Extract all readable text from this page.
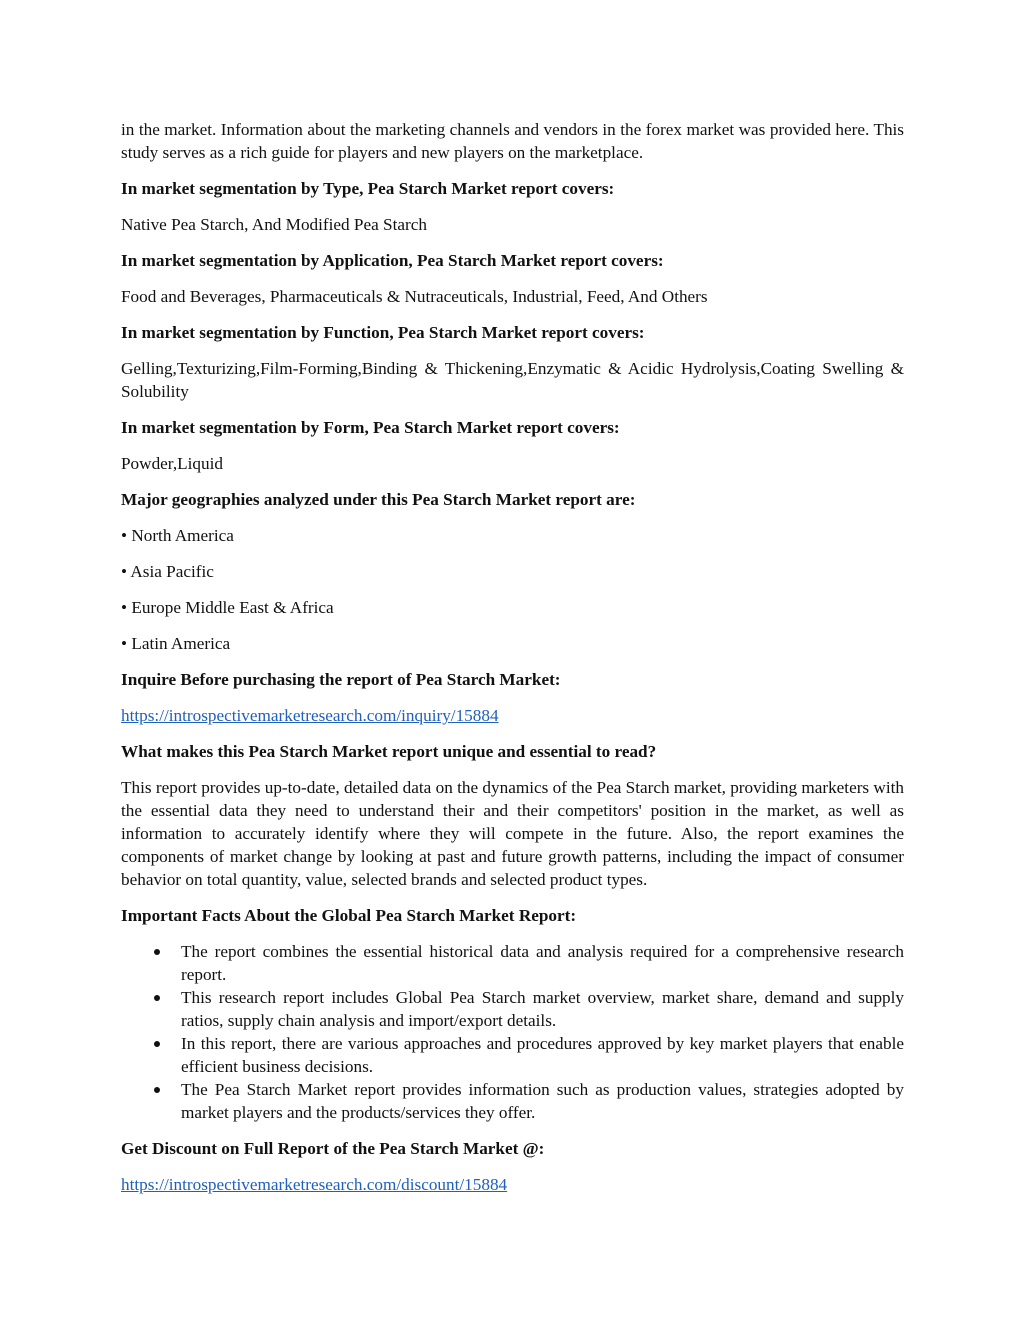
in the market. Information about the marketing channels and vendors in the forex market was provided here. This study serves as a rich guide for players and new players on the marketplace.

In market segmentation by Type, Pea Starch Market report covers:

Native Pea Starch, And Modified Pea Starch

In market segmentation by Application, Pea Starch Market report covers:

Food and Beverages, Pharmaceuticals & Nutraceuticals, Industrial, Feed, And Others

In market segmentation by Function, Pea Starch Market report covers:

Gelling,Texturizing,Film-Forming,Binding & Thickening,Enzymatic & Acidic Hydrolysis,Coating Swelling & Solubility

In market segmentation by Form, Pea Starch Market report covers:

Powder,Liquid

Major geographies analyzed under this Pea Starch Market report are:

• North America

• Asia Pacific

• Europe Middle East & Africa

• Latin America

Inquire Before purchasing the report of Pea Starch Market:

https://introspectivemarketresearch.com/inquiry/15884

What makes this Pea Starch Market report unique and essential to read?

This report provides up-to-date, detailed data on the dynamics of the Pea Starch market, providing marketers with the essential data they need to understand their and their competitors' position in the market, as well as information to accurately identify where they will compete in the future. Also, the report examines the components of market change by looking at past and future growth patterns, including the impact of consumer behavior on total quantity, value, selected brands and selected product types.

Important Facts About the Global Pea Starch Market Report:

The report combines the essential historical data and analysis required for a comprehensive research report.
This research report includes Global Pea Starch market overview, market share, demand and supply ratios, supply chain analysis and import/export details.
In this report, there are various approaches and procedures approved by key market players that enable efficient business decisions.
The Pea Starch Market report provides information such as production values, strategies adopted by market players and the products/services they offer.

Get Discount on Full Report of the Pea Starch Market @:

https://introspectivemarketresearch.com/discount/15884
